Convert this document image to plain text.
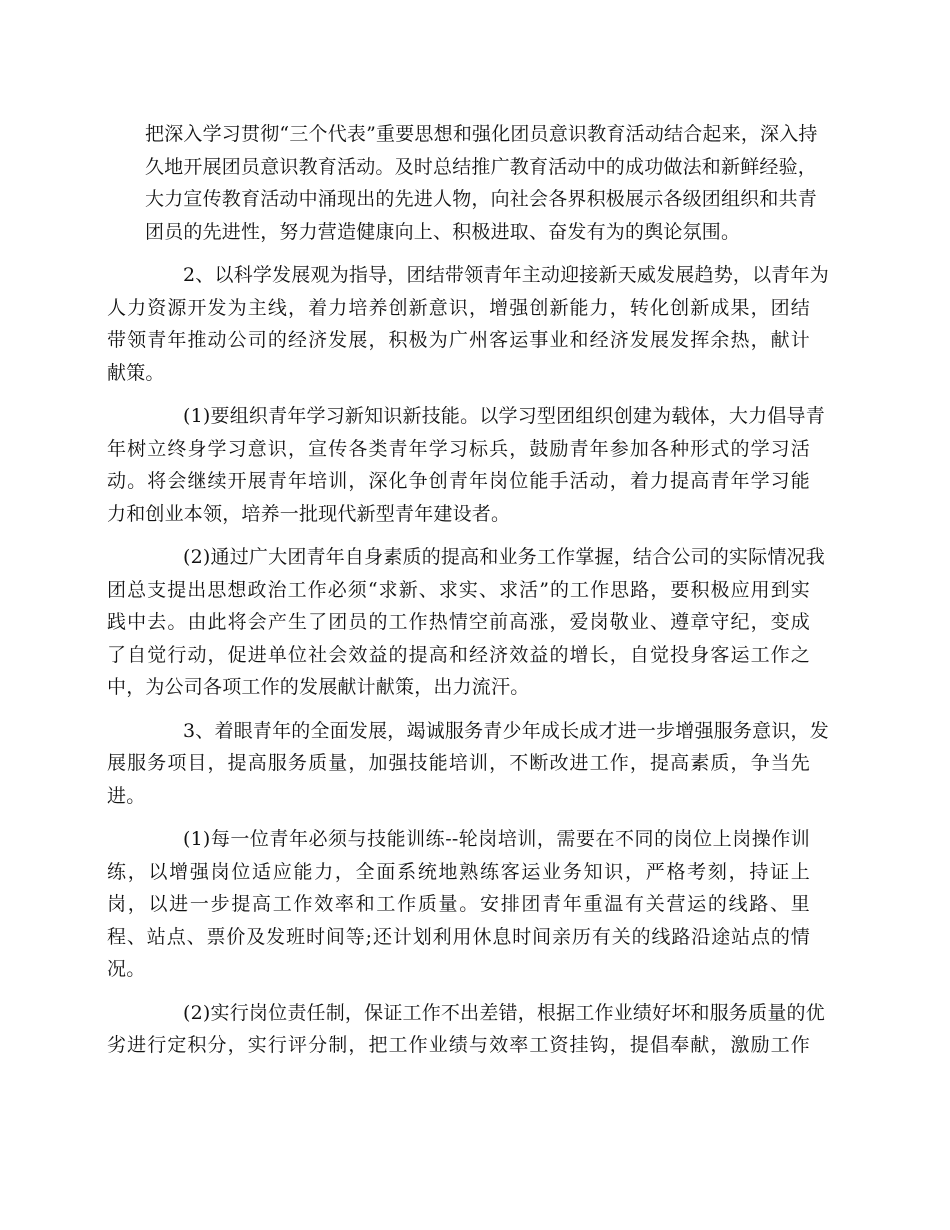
把深入学习贯彻“三个代表”重要思想和强化团员意识教育活动结合起来，深入持
久地开展团员意识教育活动。及时总结推广教育活动中的成功做法和新鲜经验，
大力宣传教育活动中涌现出的先进人物，向社会各界积极展示各级团组织和共青
团员的先进性，努力营造健康向上、积极进取、奋发有为的舆论氛围。

2、以科学发展观为指导，团结带领青年主动迎接新天威发展趋势，以青年为
人力资源开发为主线，着力培养创新意识，增强创新能力，转化创新成果，团结
带领青年推动公司的经济发展，积极为广州客运事业和经济发展发挥余热，献计
献策。

(1)要组织青年学习新知识新技能。以学习型团组织创建为载体，大力倡导青
年树立终身学习意识，宣传各类青年学习标兵，鼓励青年参加各种形式的学习活
动。将会继续开展青年培训，深化争创青年岗位能手活动，着力提高青年学习能
力和创业本领，培养一批现代新型青年建设者。

(2)通过广大团青年自身素质的提高和业务工作掌握，结合公司的实际情况我
团总支提出思想政治工作必须“求新、求实、求活”的工作思路，要积极应用到实
践中去。由此将会产生了团员的工作热情空前高涨，爱岗敬业、遵章守纪，变成
了自觉行动，促进单位社会效益的提高和经济效益的增长，自觉投身客运工作之
中，为公司各项工作的发展献计献策，出力流汗。

3、着眼青年的全面发展，竭诚服务青少年成长成才进一步增强服务意识，发
展服务项目，提高服务质量，加强技能培训，不断改进工作，提高素质，争当先
进。

(1)每一位青年必须与技能训练--轮岗培训，需要在不同的岗位上岗操作训
练，以增强岗位适应能力，全面系统地熟练客运业务知识，严格考刻，持证上
岗，以进一步提高工作效率和工作质量。安排团青年重温有关营运的线路、里
程、站点、票价及发班时间等;还计划利用休息时间亲历有关的线路沿途站点的情
况。

(2)实行岗位责任制，保证工作不出差错，根据工作业绩好坏和服务质量的优
劣进行定积分，实行评分制，把工作业绩与效率工资挂钩，提倡奉献，激励工作
